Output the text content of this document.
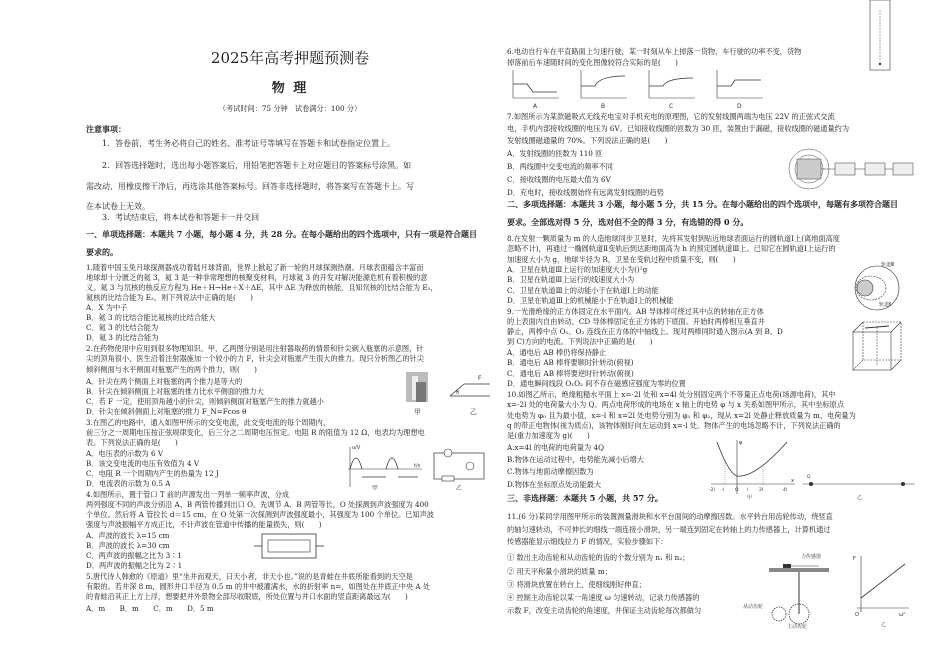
2025年高考押题预测卷
物 理
（考试时间：75 分钟　试卷满分：100 分）
注意事项：
1．答卷前，考生务必将自己的姓名、准考证号等填写在答题卡和试卷指定位置上。
2．回答选择题时，选出每小题答案后，用铅笔把答题卡上对应题目的答案标号涂黑。如
需改动，用橡皮擦干净后，再选涂其他答案标号。回答非选择题时，将答案写在答题卡上。写
在本试卷上无效。
3．考试结束后，将本试卷和答题卡一并交回
一、单项选择题：本题共 7 小题，每小题 4 分，共 28 分。在每小题给出的四个选项中，只有一项是符合题目
要求的。
1.随着中国玉兔月球探测器成功着陆月球背面，世界上掀起了新一轮的月球探测热潮。月球表面蕴含丰富而
地球却十分匮乏的氦 3，氦 3 是一种非常理想的核聚变材料，月球氦 3 的开发对解决能源危机有着积极的意
义。氦 3 与氘核的核反应方程为 He＋H→He＋X＋ΔE，其中 ΔE 为释放的核能，且知氘核的比结合能为 E₁，
氦核的比结合能为 E₂，则下列说法中正确的是(　　)
A．X 为中子
B．氦 3 的比结合能比氦核的比结合能大
C．氦 3 的比结合能为
D．氦 3 的比结合能为
2.在药物使用中应用到很多物理知识。甲、乙两图分别是用注射器取药的情景和针尖刺入瓶塞的示意图，针
尖的顶角很小，医生沿着注射器施加一个较小的力 F，针尖会对瓶塞产生很大的推力。现只分析图乙的针尖
倾斜侧面与水平侧面对瓶塞产生的两个推力，则(　　)
A．针尖在两个侧面上对瓶塞的两个推力是等大的
B．针尖在倾斜侧面上对瓶塞的推力比水平侧面的推力大
C．若 F 一定，使用顶角越小的针尖，则倾斜侧面对瓶塞产生的推力就越小
D．针尖在倾斜侧面上对瓶塞的推力 F_N=Fcos θ	甲
F
θ
乙
3.在图乙的电路中，通入如图甲所示的交变电流，此交变电流的每个周期内，
前三分之一周期电压按正弦规律变化，后三分之二周期电压恒定。电阻 R 的阻值为 12 Ω，电表均为理想电
表。下列说法正确的是(　　)
A．电压表的示数为 6 V
B．该交变电流的电压有效值为 4 V
C．电阻 R 一个周期内产生的热量为 12 J
D．电流表的示数为 0.5 A
u/V
t/s
甲	乙
4.如图所示，置于管口 T 前的声源发出一列单一频率声波，分成
两列强度不同的声波分别沿 A、B 两管传播到出口 O。先调节 A、B 两管等长，O 处探测到声波强度为 400
个单位。然后将 A 管拉长 d＝15 cm，在 O 处第一次探测到声波强度最小，其强度为 100 个单位。已知声波
强度与声波振幅平方成正比，不计声波在管道中传播的能量损失，则(　　)
A．声波的波长 λ=15 cm
B．声波的波长 λ=30 cm
C．两声波的振幅之比为 3∶1
D．两声波的振幅之比为 2∶1
5.唐代诗人韩愈的《原道》里“坐井而观天，曰天小者，非天小也。”说的是青蛙在井底所能看到的天空是
有限的。若井深 8 m，圆形井口半径为 0.5 m 的井中被灌满水，水的折射率 n=，如图处在井底正中央 A 处
的青蛙沿其正上方上浮，想要把井外景物全部尽收眼底，所处位置与井口水面的竖直距离最远为(　　)
A．m　　B．m　　C．m　　D．5 m
6.电动自行车在平直路面上匀速行驶，某一时刻从车上掉落一货物，车行驶的功率不变，货物
掉落前后车速随时间的变化图像较符合实际的是(　　)
A	B	C	D
7.如图所示为某款磁吸式无线充电宝对手机充电的原理图，它的发射线圈两端为电压 22V 的正弦式交流
电，手机内部接收线圈的电压为 6V。已知接收线圈的匝数为 30 匝，装置由于漏磁，接收线圈的磁通量约为
发射线圈磁通量的 70%。下列说法正确的是(　　)
A．发射线圈的匝数为 110 匝
B．两线圈中交变电流的频率不同
C．接收线圈的电压最大值为 6V
D．充电时，接收线圈始终有远离发射线圈的趋势
二、多项选择题：本题共 3 小题，每小题 5 分，共 15 分。在每小题给出的四个选项中，每题有多项符合题目
要求。全部选对得 5 分，选对但不全的得 3 分，有选错的得 0 分。
8.在发射一颗质量为 m 的人造地球同步卫星时，先将其发射到贴近地球表面运行的圆轨道Ⅰ上(离地面高度
忽略不计)，再通过一椭圆轨道Ⅱ变轨后到达距地面高为 h 的预定圆轨道Ⅲ上。已知它在圆轨道Ⅰ上运行的
加速度大小为 g，地球半径为 R，卫星在变轨过程中质量不变，则(　　)
A．卫星在轨道Ⅲ上运行的加速度大小为()²g
B．卫星在轨道Ⅲ上运行的线速度大小为
C．卫星在轨道Ⅲ上的动能小于在轨道Ⅰ上的动能
D．卫星在轨道Ⅲ上的机械能小于在轨道Ⅰ上的机械能
轨道Ⅲ
轨道Ⅱ
9.一光滑绝缘的正方体固定在水平面内。AB 导体棒可绕过其中点的转轴在正方体
的上表面内自由转动，CD 导体棒固定在正方体的下底面。开始时两棒相互垂直并
静止，两棒中点 O₁、O₂ 连线在正方体的中轴线上。现对两棒同时通入图示(A 到 B、D
到 C)方向的电流。下列说法中正确的是(　　)
A．通电后 AB 棒仍将保持静止
B．通电后 AB 棒将要顺时针转动(俯视)
C．通电后 AB 棒将要逆时针转动(俯视)
D．通电瞬间线段 O₁O₂ 间不存在磁感应强度为零的位置
10.如图乙所示，绝缘粗糙水平面上 x=-2l 处和 x=4l 处分别固定两个不等量正点电荷(场源电荷)，其中
x=-2l 处的电荷量大小为 Q。两点电荷形成的电场在 x 轴上的电势 φ 与 x 关系如图甲所示，其中坐标原点
处电势为 φ₀ 且为最小值，x=-l 和 x=2l 处电势分别为 φ₁ 和 φ₂，现从 x=2l 处静止释放质量为 m、电荷量为
q 的带正电物体(视为质点)，该物体刚好向左运动到 x=-l 处。物体产生的电场忽略不计，下列说法正确的
是(重力加速度为 g)(　　)
A.x=4l 的电荷的电荷量为 4Q
B.物体在运动过程中，电势能先减小后增大
C.物体与地面动摩擦因数为
D.物体在坐标原点处动能最大
φ
x
-2l -l O l 2l	4l
甲
Q
乙
三、非选择题：本题共 5 小题，共 57 分。
11.(6 分)某同学用图甲所示的装置测量滑块和水平台面间的动摩擦因数。水平转台用齿轮传动，绕竖直
的轴匀速转动，不可伸长的细线一端连接小滑块，另一端连到固定在转轴上的力传感器上，计算机通过
传感器能显示细线拉力 F 的情况，实验步骤如下：
① 数出主动齿轮和从动齿轮的齿的个数分别为 n₁ 和 n₂；
② 用天平称量小滑块的质量 m；
③ 将滑块放置在转台上，使细线刚好伸直；
④ 控制主动齿轮以某一角速度 ω 匀速转动，记录力传感器的
示数 F，改变主动齿轮的角速度，并保证主动齿轮每次都做匀
力传感器
从动齿轮
主动齿轮
F
ω²
O
乙
